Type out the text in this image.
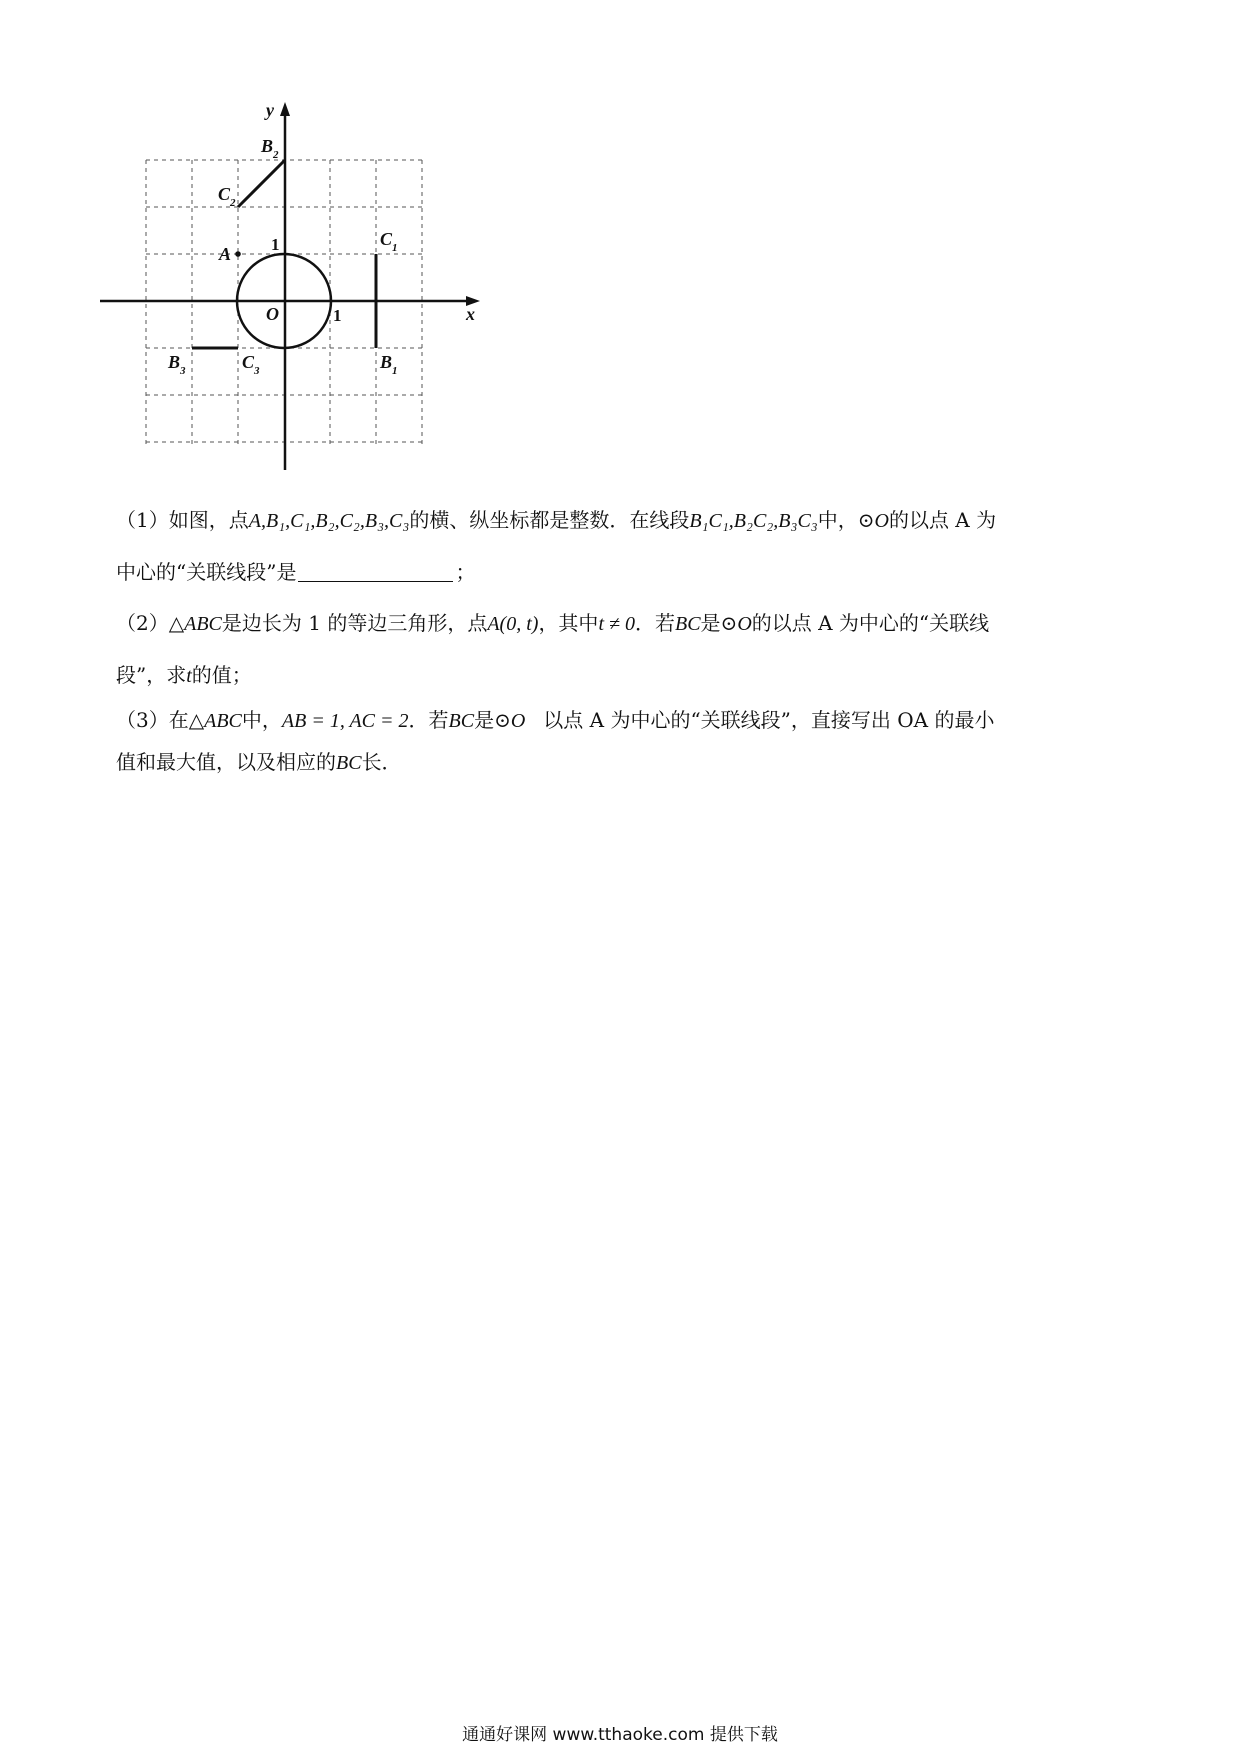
y
x
O	1
1
A
$B_2$
$C_2$
$C_1$
$B_1$
$B_3$	$C_3$
（1）如图，点A,B₁,C₁,B₂,C₂,B₃,C₃的横、纵坐标都是整数．在线段B₁C₁,B₂C₂,B₃C₃中，⊙O的以点 A 为
中心的“关联线段”是	；
（2）△ABC是边长为 1 的等边三角形，点A(0, t)，其中t ≠ 0．若BC是⊙O的以点 A 为中心的“关联线
段”，求t的值；
（3）在△ABC中，AB = 1, AC = 2．若BC是⊙O 以点 A 为中心的“关联线段”，直接写出 OA 的最小
值和最大值，以及相应的BC长．
通通好课网 www.tthaoke.com 提供下载
